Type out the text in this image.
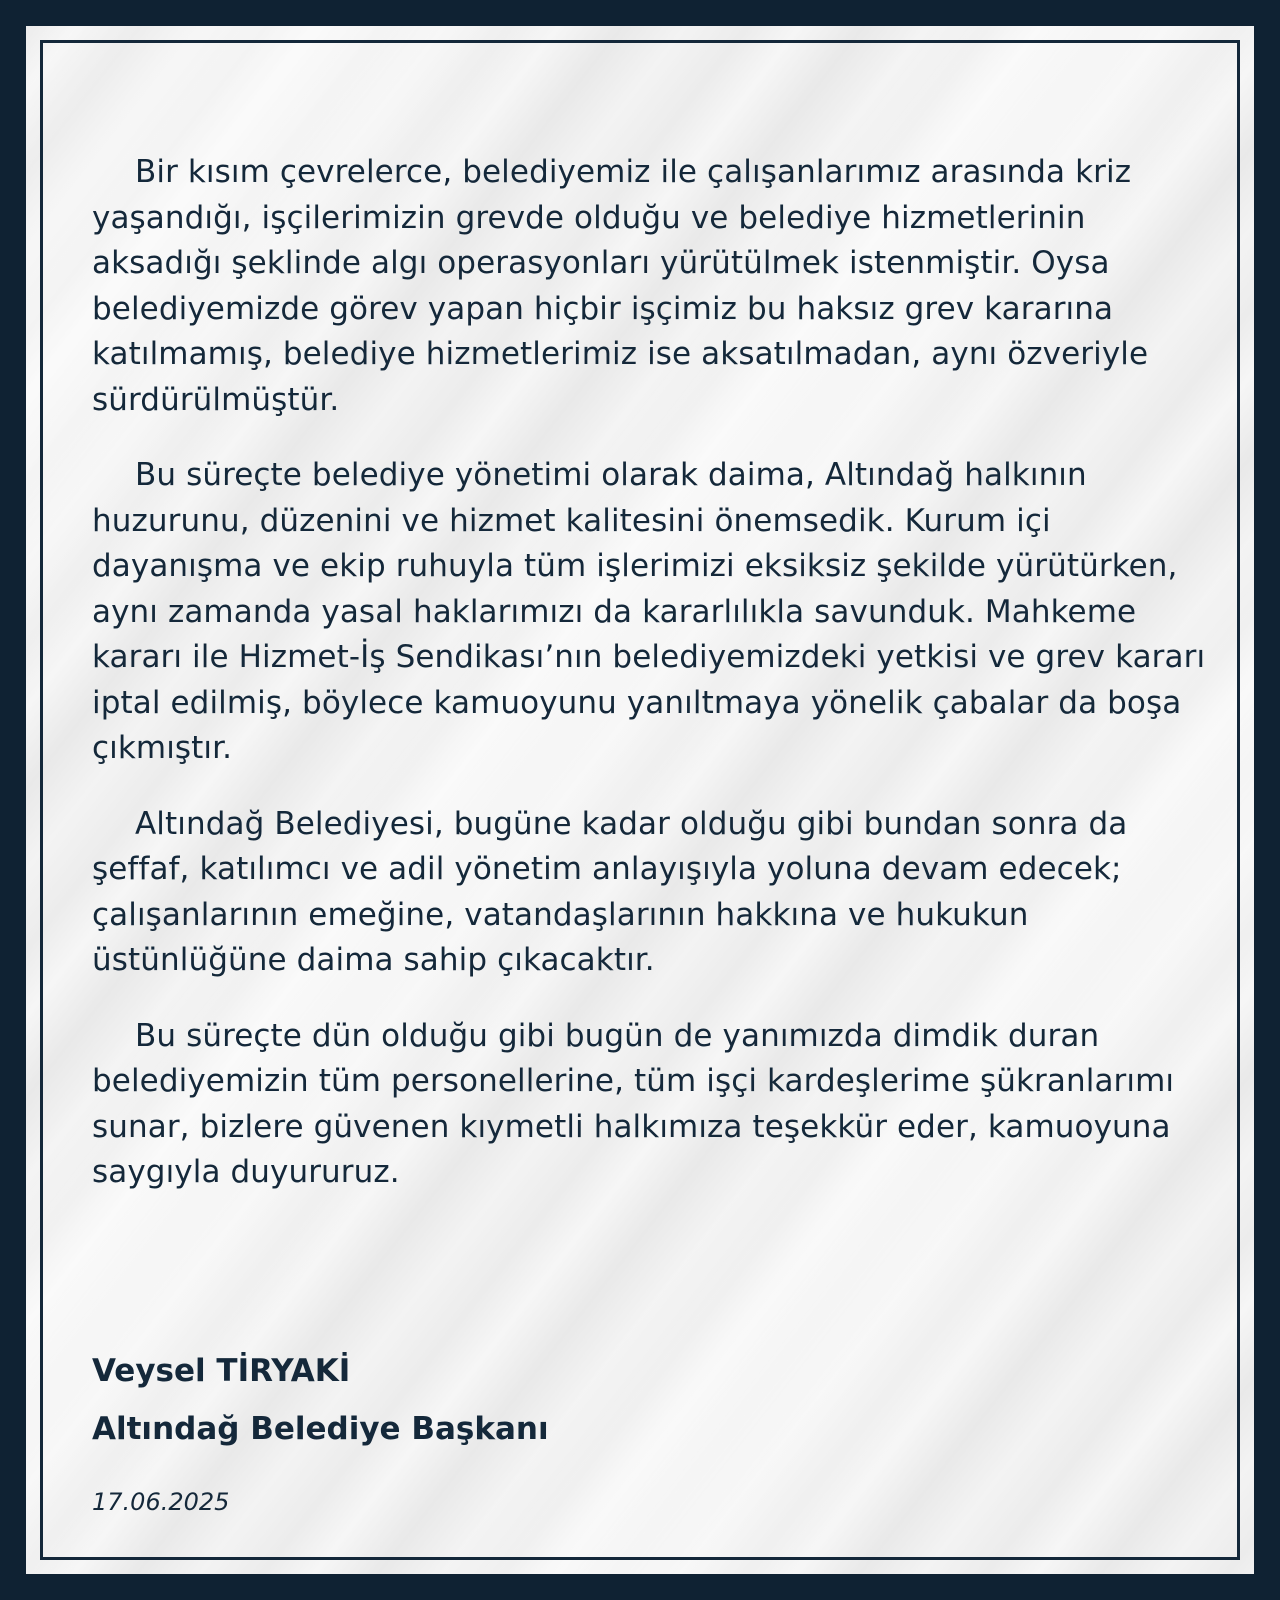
Bir kısım çevrelerce, belediyemiz ile çalışanlarımız arasında kriz yaşandığı, işçilerimizin grevde olduğu ve belediye hizmetlerinin aksadığı şeklinde algı operasyonları yürütülmek istenmiştir. Oysa belediyemizde görev yapan hiçbir işçimiz bu haksız grev kararına katılmamış, belediye hizmetlerimiz ise aksatılmadan, aynı özveriyle sürdürülmüştür.

Bu süreçte belediye yönetimi olarak daima, Altındağ halkının huzurunu, düzenini ve hizmet kalitesini önemsedik. Kurum içi dayanışma ve ekip ruhuyla tüm işlerimizi eksiksiz şekilde yürütürken, aynı zamanda yasal haklarımızı da kararlılıkla savunduk. Mahkeme kararı ile Hizmet-İş Sendikası’nın belediyemizdeki yetkisi ve grev kararı iptal edilmiş, böylece kamuoyunu yanıltmaya yönelik çabalar da boşa çıkmıştır.

Altındağ Belediyesi, bugüne kadar olduğu gibi bundan sonra da şeffaf, katılımcı ve adil yönetim anlayışıyla yoluna devam edecek; çalışanlarının emeğine, vatandaşlarının hakkına ve hukukun üstünlüğüne daima sahip çıkacaktır.

Bu süreçte dün olduğu gibi bugün de yanımızda dimdik duran belediyemizin tüm personellerine, tüm işçi kardeşlerime şükranlarımı sunar, bizlere güvenen kıymetli halkımıza teşekkür eder, kamuoyuna saygıyla duyururuz.

Veysel TİRYAKİ
Altındağ Belediye Başkanı
17.06.2025
